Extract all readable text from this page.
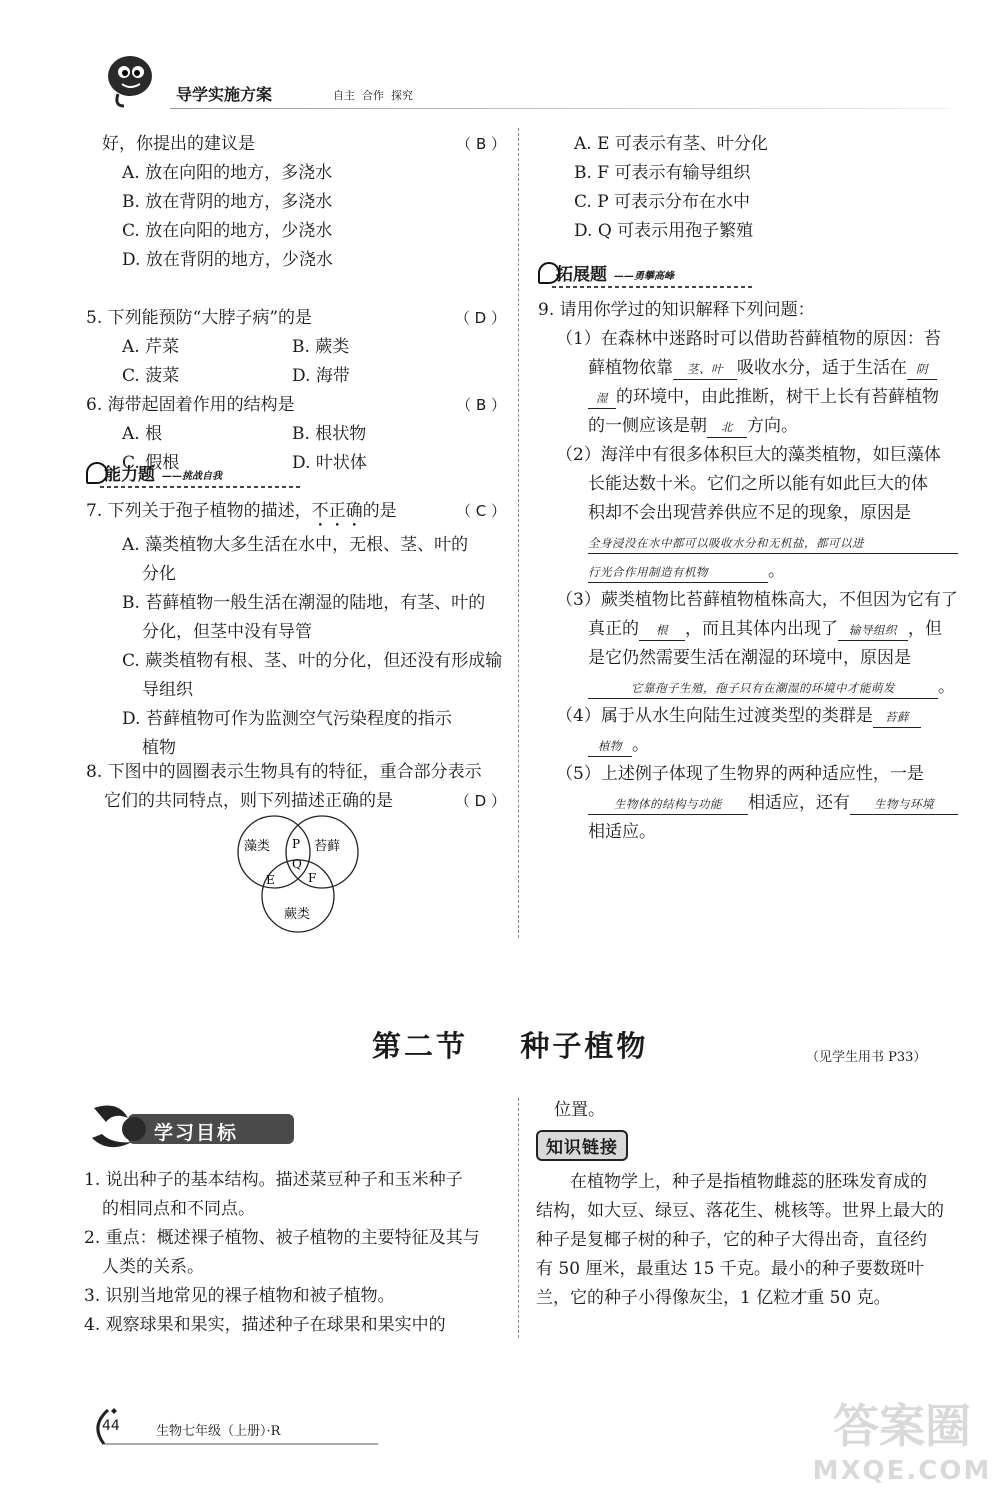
导学实施方案	自主  合作  探究
好，你提出的建议是	（ B ）
A. 放在向阳的地方，多浇水
B. 放在背阴的地方，多浇水
C. 放在向阳的地方，少浇水
D. 放在背阴的地方，少浇水
5. 下列能预防“大脖子病”的是	（ D ）
A. 芹菜	B. 蕨类
C. 菠菜	D. 海带
6. 海带起固着作用的结构是	（ B ）
A. 根	B. 根状物
C. 假根	D. 叶状体
能力题 ——挑战自我
7. 下列关于孢子植物的描述，不正确的是	（ C ）
A. 藻类植物大多生活在水中，无根、茎、叶的
分化
B. 苔藓植物一般生活在潮湿的陆地，有茎、叶的
分化，但茎中没有导管
C. 蕨类植物有根、茎、叶的分化，但还没有形成输
导组织
D. 苔藓植物可作为监测空气污染程度的指示
植物
8. 下图中的圆圈表示生物具有的特征，重合部分表示
它们的共同特点，则下列描述正确的是	（ D ）
藻类	苔藓
蕨类
P
Q
E	F
A. E 可表示有茎、叶分化
B. F 可表示有输导组织
C. P 可表示分布在水中
D. Q 可表示用孢子繁殖
拓展题 ——勇攀高峰
9. 请用你学过的知识解释下列问题：
（1）在森林中迷路时可以借助苔藓植物的原因：苔
藓植物依靠 茎、叶 吸收水分，适于生活在 阴
湿 的环境中，由此推断，树干上长有苔藓植物
的一侧应该是朝 北 方向。
（2）海洋中有很多体积巨大的藻类植物，如巨藻体
长能达数十米。它们之所以能有如此巨大的体
积却不会出现营养供应不足的现象，原因是
全身浸没在水中都可以吸收水分和无机盐，都可以进
行光合作用制造有机物	。
（3）蕨类植物比苔藓植物植株高大，不但因为它有了
真正的 根 ，而且其体内出现了 输导组织 ，但
是它仍然需要生活在潮湿的环境中，原因是
它靠孢子生殖，孢子只有在潮湿的环境中才能萌发	。
（4）属于从水生向陆生过渡类型的类群是 苔藓
植物 。
（5）上述例子体现了生物界的两种适应性，一是
生物体的结构与功能 相适应，还有 生物与环境
相适应。
第二节    种子植物	（见学生用书 P33）
学习目标
1. 说出种子的基本结构。描述菜豆种子和玉米种子
的相同点和不同点。
2. 重点：概述裸子植物、被子植物的主要特征及其与
人类的关系。
3. 识别当地常见的裸子植物和被子植物。
4. 观察球果和果实，描述种子在球果和果实中的
位置。
知识链接
在植物学上，种子是指植物雌蕊的胚珠发育成的
结构，如大豆、绿豆、落花生、桃核等。世界上最大的
种子是复椰子树的种子，它的种子大得出奇，直径约
有 50 厘米，最重达 15 千克。最小的种子要数斑叶
兰，它的种子小得像灰尘，1 亿粒才重 50 克。
44	生物七年级（上册）·R	答案圈
MXQE.COM
